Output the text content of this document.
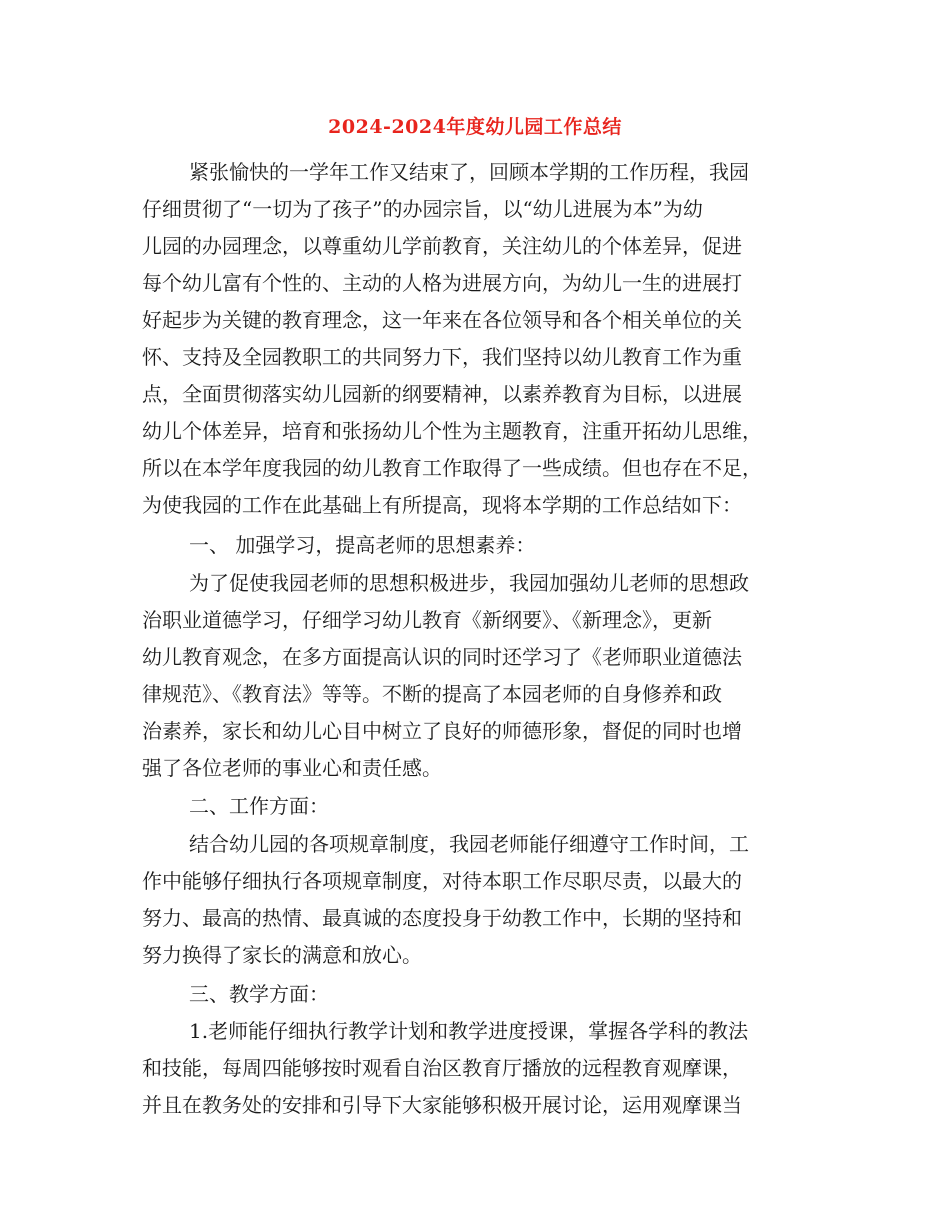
2024-2024年度幼儿园工作总结

紧张愉快的一学年工作又结束了，回顾本学期的工作历程，我园

仔细贯彻了“一切为了孩子”的办园宗旨，以“幼儿进展为本”为幼

儿园的办园理念，以尊重幼儿学前教育，关注幼儿的个体差异，促进

每个幼儿富有个性的、主动的人格为进展方向，为幼儿一生的进展打

好起步为关键的教育理念，这一年来在各位领导和各个相关单位的关

怀、支持及全园教职工的共同努力下，我们坚持以幼儿教育工作为重

点，全面贯彻落实幼儿园新的纲要精神，以素养教育为目标，以进展

幼儿个体差异，培育和张扬幼儿个性为主题教育，注重开拓幼儿思维，

所以在本学年度我园的幼儿教育工作取得了一些成绩。但也存在不足，

为使我园的工作在此基础上有所提高，现将本学期的工作总结如下：

一、 加强学习，提高老师的思想素养：

为了促使我园老师的思想积极进步，我园加强幼儿老师的思想政

治职业道德学习，仔细学习幼儿教育《新纲要》、《新理念》，更新

幼儿教育观念，在多方面提高认识的同时还学习了《老师职业道德法

律规范》、《教育法》等等。不断的提高了本园老师的自身修养和政

治素养，家长和幼儿心目中树立了良好的师德形象，督促的同时也增

强了各位老师的事业心和责任感。

二、工作方面：

结合幼儿园的各项规章制度，我园老师能仔细遵守工作时间，工

作中能够仔细执行各项规章制度，对待本职工作尽职尽责，以最大的

努力、最高的热情、最真诚的态度投身于幼教工作中，长期的坚持和

努力换得了家长的满意和放心。

三、教学方面：

1.老师能仔细执行教学计划和教学进度授课，掌握各学科的教法

和技能，每周四能够按时观看自治区教育厅播放的远程教育观摩课，

并且在教务处的安排和引导下大家能够积极开展讨论，运用观摩课当
